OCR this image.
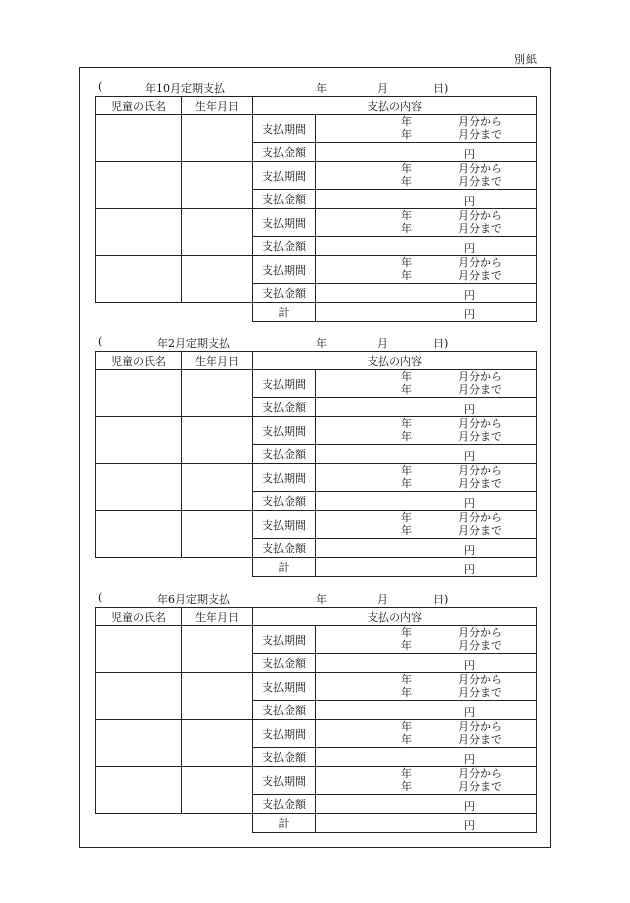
別紙
(	年10月定期支払	年	月	日)
児童の氏名	生年月日	支払の内容	
		支払期間	年 月分から
年 月分まで

		支払金額	円

		支払期間	年 月分から
年 月分まで

		支払金額	円

		支払期間	年 月分から
年 月分まで

		支払金額	円

		支払期間	年 月分から
年 月分まで

		支払金額	円

		計	円
(	年2月定期支払	年	月	日)
児童の氏名	生年月日	支払の内容	
		支払期間	年 月分から
年 月分まで

		支払金額	円

		支払期間	年 月分から
年 月分まで

		支払金額	円

		支払期間	年 月分から
年 月分まで

		支払金額	円

		支払期間	年 月分から
年 月分まで

		支払金額	円

		計	円
(	年6月定期支払	年	月	日)
児童の氏名	生年月日	支払の内容	
		支払期間	年 月分から
年 月分まで

		支払金額	円

		支払期間	年 月分から
年 月分まで

		支払金額	円

		支払期間	年 月分から
年 月分まで

		支払金額	円

		支払期間	年 月分から
年 月分まで

		支払金額	円

		計	円
